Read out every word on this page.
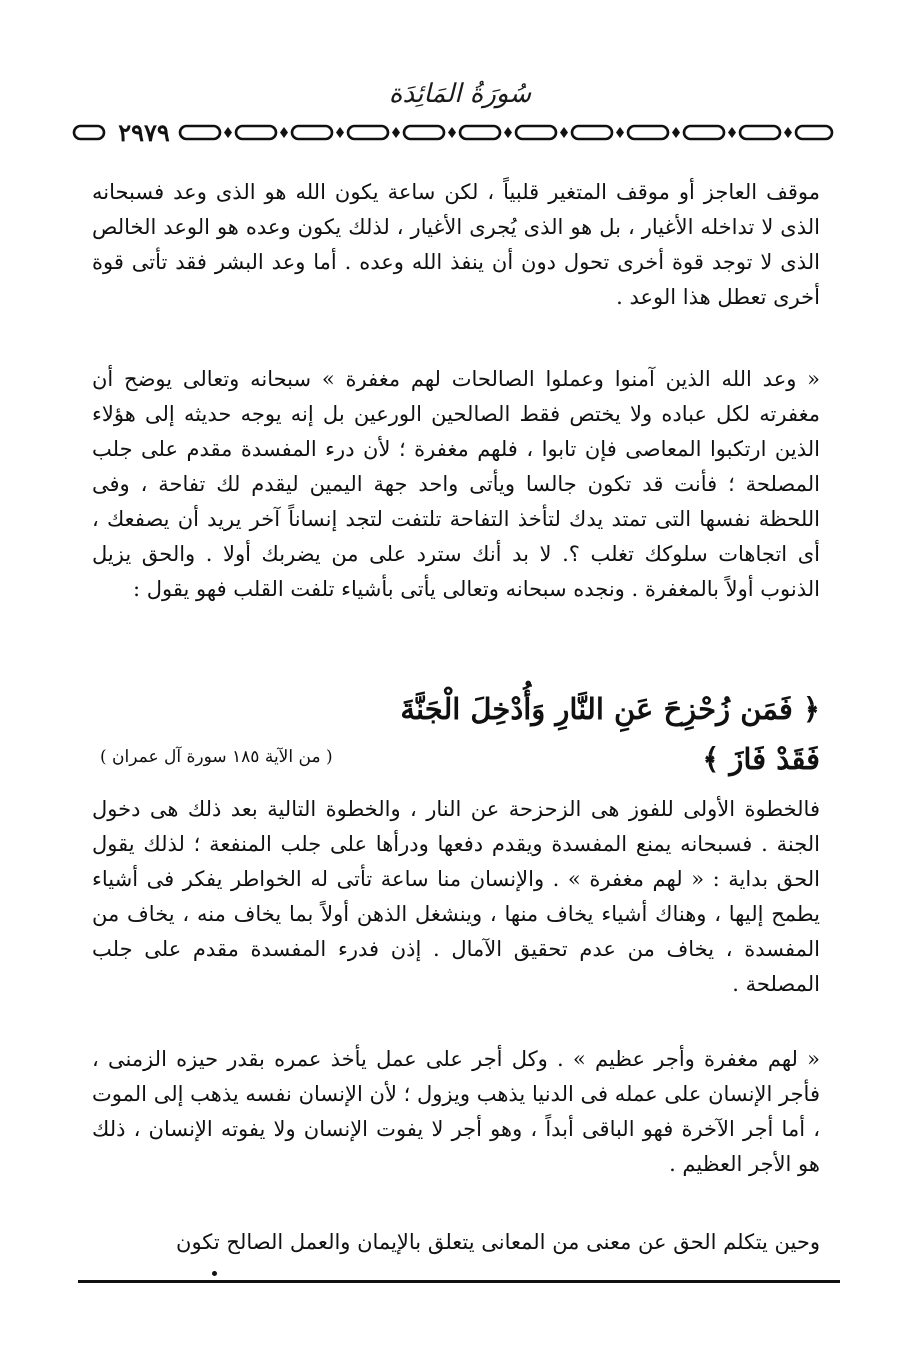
سُورَةُ المَائِدَة
٢٩٧٩

موقف العاجز أو موقف المتغير قلبياً ، لكن ساعة يكون الله هو الذى وعد فسبحانه الذى لا تداخله الأغيار ، بل هو الذى يُجرى الأغيار ، لذلك يكون وعده هو الوعد الخالص الذى لا توجد قوة أخرى تحول دون أن ينفذ الله وعده . أما وعد البشر فقد تأتى قوة أخرى تعطل هذا الوعد .

« وعد الله الذين آمنوا وعملوا الصالحات لهم مغفرة » سبحانه وتعالى يوضح أن مغفرته لكل عباده ولا يختص فقط الصالحين الورعين بل إنه يوجه حديثه إلى هؤلاء الذين ارتكبوا المعاصى فإن تابوا ، فلهم مغفرة ؛ لأن درء المفسدة مقدم على جلب المصلحة ؛ فأنت قد تكون جالسا ويأتى واحد جهة اليمين ليقدم لك تفاحة ، وفى اللحظة نفسها التى تمتد يدك لتأخذ التفاحة تلتفت لتجد إنساناً آخر يريد أن يصفعك ، أى اتجاهات سلوكك تغلب ؟. لا بد أنك سترد على من يضربك أولا . والحق يزيل الذنوب أولاً بالمغفرة . ونجده سبحانه وتعالى يأتى بأشياء تلفت القلب فهو يقول :

﴿ فَمَن زُحْزِحَ عَنِ النَّارِ وَأُدْخِلَ الْجَنَّةَ فَقَدْ فَازَ ﴾
( من الآية ١٨٥ سورة آل عمران )

فالخطوة الأولى للفوز هى الزحزحة عن النار ، والخطوة التالية بعد ذلك هى دخول الجنة . فسبحانه يمنع المفسدة ويقدم دفعها ودرأها على جلب المنفعة ؛ لذلك يقول الحق بداية : « لهم مغفرة » . والإنسان منا ساعة تأتى له الخواطر يفكر فى أشياء يطمح إليها ، وهناك أشياء يخاف منها ، وينشغل الذهن أولاً بما يخاف منه ، يخاف من المفسدة ، يخاف من عدم تحقيق الآمال . إذن فدرء المفسدة مقدم على جلب المصلحة .

« لهم مغفرة وأجر عظيم » . وكل أجر على عمل يأخذ عمره بقدر حيزه الزمنى ، فأجر الإنسان على عمله فى الدنيا يذهب ويزول ؛ لأن الإنسان نفسه يذهب إلى الموت ، أما أجر الآخرة فهو الباقى أبداً ، وهو أجر لا يفوت الإنسان ولا يفوته الإنسان ، ذلك هو الأجر العظيم .

وحين يتكلم الحق عن معنى من المعانى يتعلق بالإيمان والعمل الصالح تكون
